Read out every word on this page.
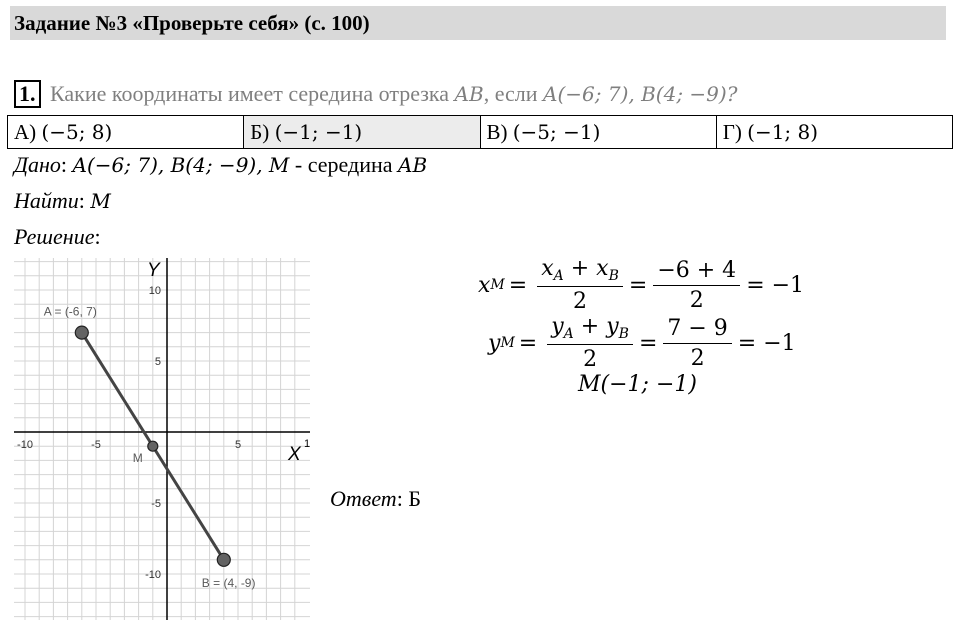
Задание №3 «Проверьте себя» (с. 100)
1. Какие координаты имеет середина отрезка AB, если A(−6; 7), B(4; −9)?
А) (−5; 8)	Б) (−1; −1)	В) (−5; −1)	Г) (−1; 8)
Дано: A(−6; 7), B(4; −9), M - середина AB
Найти: M
Решение:
-10	-5	5
10
5
-5
-10
Y
X 1
A = (-6, 7)
B = (4, -9)
M
x $M = \frac{x_A + x_B}{2} = \frac{-6 + 4}{2} = -1$
y $M = \frac{y_A + y_B}{2} = \frac{7 - 9}{2} = -1$
M(−1; −1)
Ответ: Б
